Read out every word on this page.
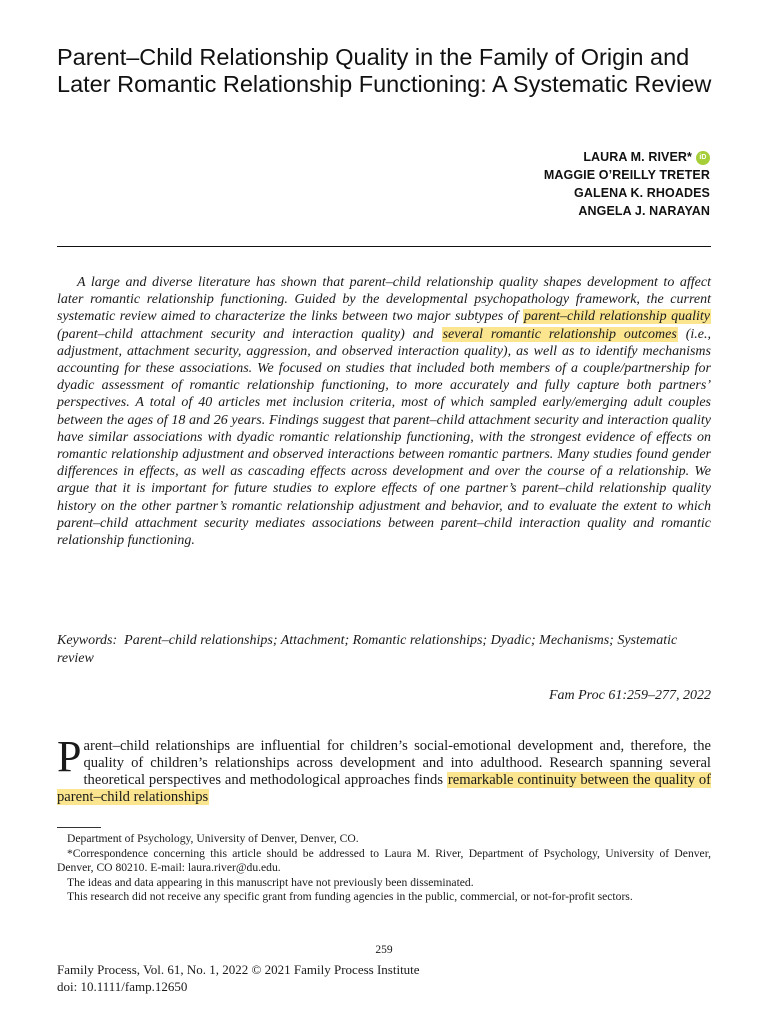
Parent–Child Relationship Quality in the Family of Origin and Later Romantic Relationship Functioning: A Systematic Review
LAURA M. RIVER* iD
MAGGIE O’REILLY TRETER
GALENA K. RHOADES
ANGELA J. NARAYAN

A large and diverse literature has shown that parent–child relationship quality shapes development to affect later romantic relationship functioning. Guided by the developmental psychopathology framework, the current systematic review aimed to characterize the links between two major subtypes of parent–child relationship quality (parent–child attachment security and interaction quality) and several romantic relationship outcomes (i.e., adjustment, attachment security, aggression, and observed interaction quality), as well as to identify mechanisms accounting for these associations. We focused on studies that included both members of a couple/partnership for dyadic assessment of romantic relationship functioning, to more accurately and fully capture both partners’ perspectives. A total of 40 articles met inclusion criteria, most of which sampled early/emerging adult couples between the ages of 18 and 26 years. Findings suggest that parent–child attachment security and interaction quality have similar associations with dyadic romantic relationship functioning, with the strongest evidence of effects on romantic relationship adjustment and observed interactions between romantic partners. Many studies found gender differences in effects, as well as cascading effects across development and over the course of a relationship. We argue that it is important for future studies to explore effects of one partner’s parent–child relationship quality history on the other partner’s romantic relationship adjustment and behavior, and to evaluate the extent to which parent–child attachment security mediates associations between parent–child interaction quality and romantic relationship functioning.

Keywords: Parent–child relationships; Attachment; Romantic relationships; Dyadic; Mechanisms; Systematic review

Fam Proc 61:259–277, 2022

Parent–child relationships are influential for children’s social-emotional development and, therefore, the quality of children’s relationships across development and into adulthood. Research spanning several theoretical perspectives and methodological approaches finds remarkable continuity between the quality of parent–child relationships

Department of Psychology, University of Denver, Denver, CO.

*Correspondence concerning this article should be addressed to Laura M. River, Department of Psychology, University of Denver, Denver, CO 80210. E-mail: laura.river@du.edu.

The ideas and data appearing in this manuscript have not previously been disseminated.

This research did not receive any specific grant from funding agencies in the public, commercial, or not-for-profit sectors.

259
Family Process, Vol. 61, No. 1, 2022 © 2021 Family Process Institute
doi: 10.1111/famp.12650
